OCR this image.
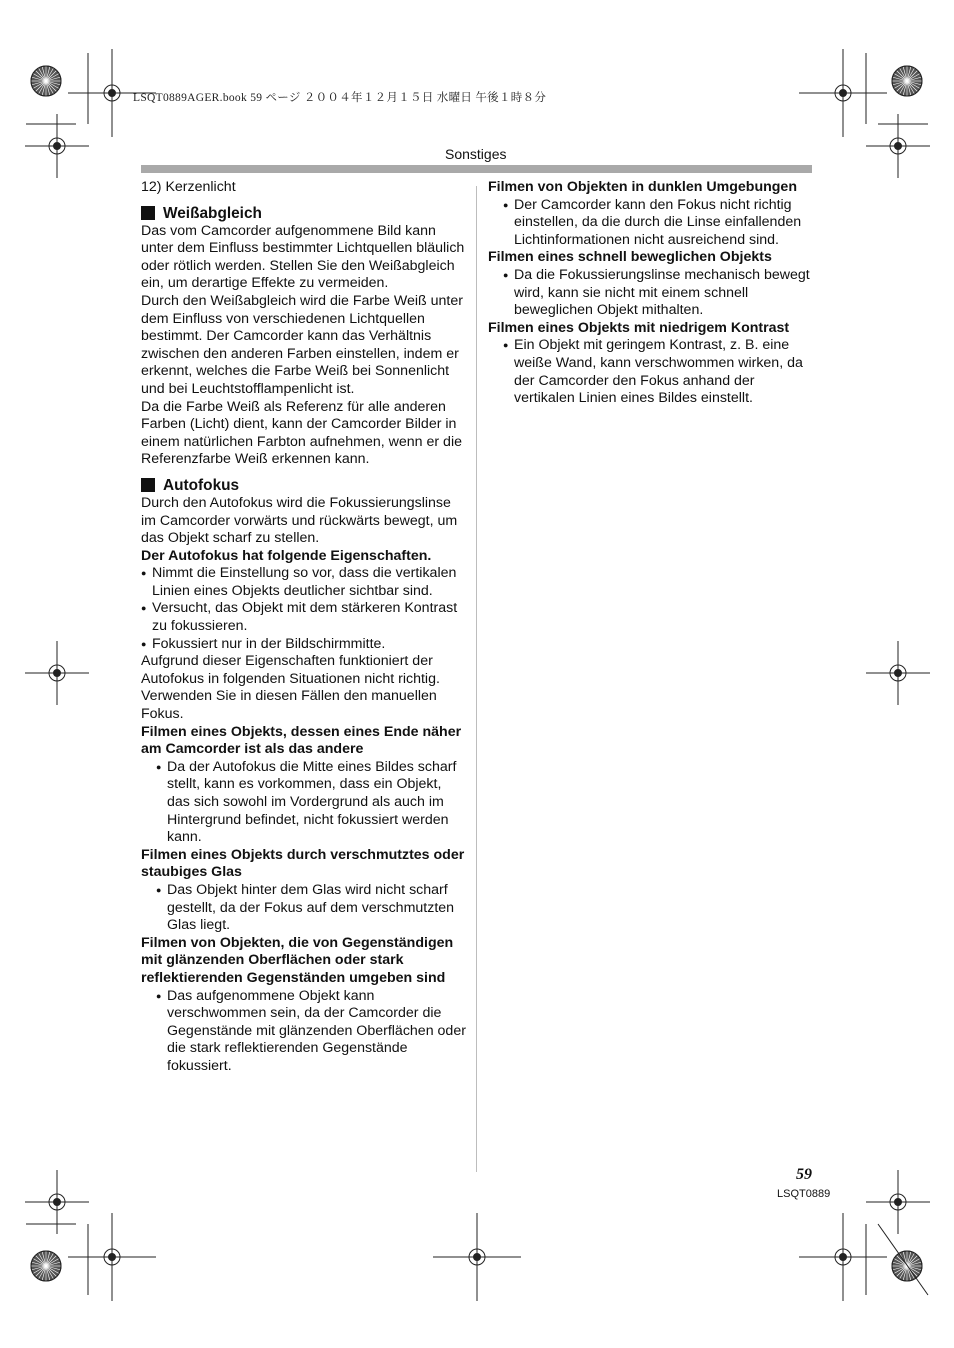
LSQT0889AGER.book 59 ページ ２００４年１２月１５日 水曜日 午後１時８分
Sonstiges

12) Kerzenlicht

Weißabgleich

Das vom Camcorder aufgenommene Bild kann unter dem Einfluss bestimmter Lichtquellen bläulich oder rötlich werden. Stellen Sie den Weißabgleich ein, um derartige Effekte zu vermeiden.

Durch den Weißabgleich wird die Farbe Weiß unter dem Einfluss von verschiedenen Lichtquellen bestimmt. Der Camcorder kann das Verhältnis zwischen den anderen Farben einstellen, indem er erkennt, welches die Farbe Weiß bei Sonnenlicht und bei Leuchtstofflampenlicht ist.

Da die Farbe Weiß als Referenz für alle anderen Farben (Licht) dient, kann der Camcorder Bilder in einem natürlichen Farbton aufnehmen, wenn er die Referenzfarbe Weiß erkennen kann.

Autofokus

Durch den Autofokus wird die Fokussierungslinse im Camcorder vorwärts und rückwärts bewegt, um das Objekt scharf zu stellen.

Der Autofokus hat folgende Eigenschaften.

● Nimmt die Einstellung so vor, dass die vertikalen Linien eines Objekts deutlicher sichtbar sind.

● Versucht, das Objekt mit dem stärkeren Kontrast zu fokussieren.

● Fokussiert nur in der Bildschirmmitte.

Aufgrund dieser Eigenschaften funktioniert der Autofokus in folgenden Situationen nicht richtig. Verwenden Sie in diesen Fällen den manuellen Fokus.

Filmen eines Objekts, dessen eines Ende näher am Camcorder ist als das andere

● Da der Autofokus die Mitte eines Bildes scharf stellt, kann es vorkommen, dass ein Objekt, das sich sowohl im Vordergrund als auch im Hintergrund befindet, nicht fokussiert werden kann.

Filmen eines Objekts durch verschmutztes oder staubiges Glas

● Das Objekt hinter dem Glas wird nicht scharf gestellt, da der Fokus auf dem verschmutzten Glas liegt.

Filmen von Objekten, die von Gegenständigen mit glänzenden Oberflächen oder stark reflektierenden Gegenständen umgeben sind

● Das aufgenommene Objekt kann verschwommen sein, da der Camcorder die Gegenstände mit glänzenden Oberflächen oder die stark reflektierenden Gegenstände fokussiert.

Filmen von Objekten in dunklen Umgebungen

● Der Camcorder kann den Fokus nicht richtig einstellen, da die durch die Linse einfallenden Lichtinformationen nicht ausreichend sind.

Filmen eines schnell beweglichen Objekts

● Da die Fokussierungslinse mechanisch bewegt wird, kann sie nicht mit einem schnell beweglichen Objekt mithalten.

Filmen eines Objekts mit niedrigem Kontrast

● Ein Objekt mit geringem Kontrast, z. B. eine weiße Wand, kann verschwommen wirken, da der Camcorder den Fokus anhand der vertikalen Linien eines Bildes einstellt.

59
LSQT0889
